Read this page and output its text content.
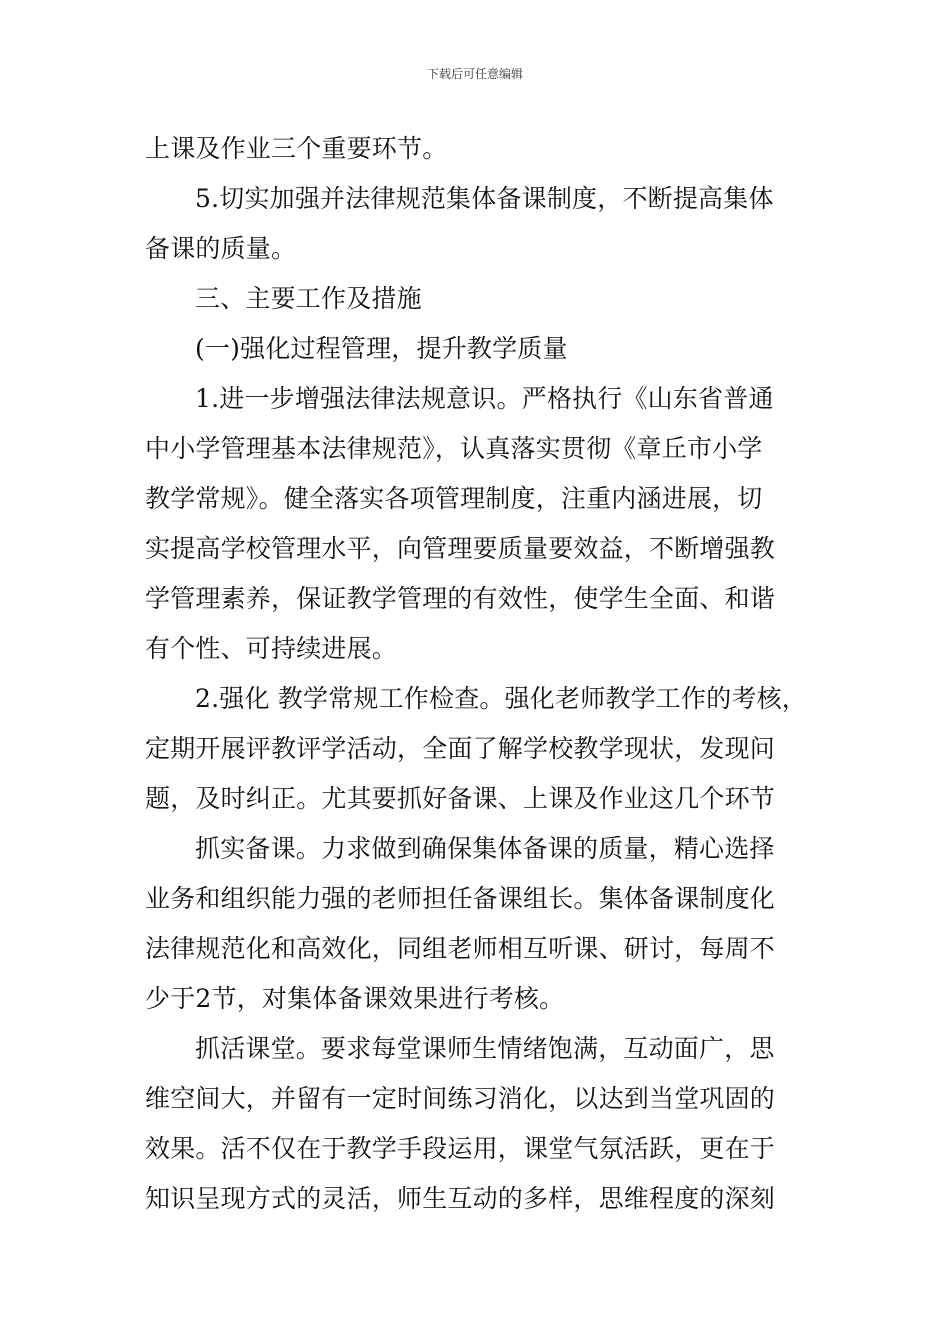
下载后可任意编辑
上课及作业三个重要环节。
5.切实加强并法律规范集体备课制度，不断提高集体
备课的质量。
三、主要工作及措施
(一)强化过程管理，提升教学质量
1.进一步增强法律法规意识。严格执行《山东省普通
中小学管理基本法律规范》，认真落实贯彻《章丘市小学
教学常规》。健全落实各项管理制度，注重内涵进展，切
实提高学校管理水平，向管理要质量要效益，不断增强教
学管理素养，保证教学管理的有效性，使学生全面、和谐
有个性、可持续进展。
2.强化 教学常规工作检查。强化老师教学工作的考核，
定期开展评教评学活动，全面了解学校教学现状，发现问
题，及时纠正。尤其要抓好备课、上课及作业这几个环节
抓实备课。力求做到确保集体备课的质量，精心选择
业务和组织能力强的老师担任备课组长。集体备课制度化
法律规范化和高效化，同组老师相互听课、研讨，每周不
少于2节，对集体备课效果进行考核。
抓活课堂。要求每堂课师生情绪饱满，互动面广，思
维空间大，并留有一定时间练习消化，以达到当堂巩固的
效果。活不仅在于教学手段运用，课堂气氛活跃，更在于
知识呈现方式的灵活，师生互动的多样，思维程度的深刻
